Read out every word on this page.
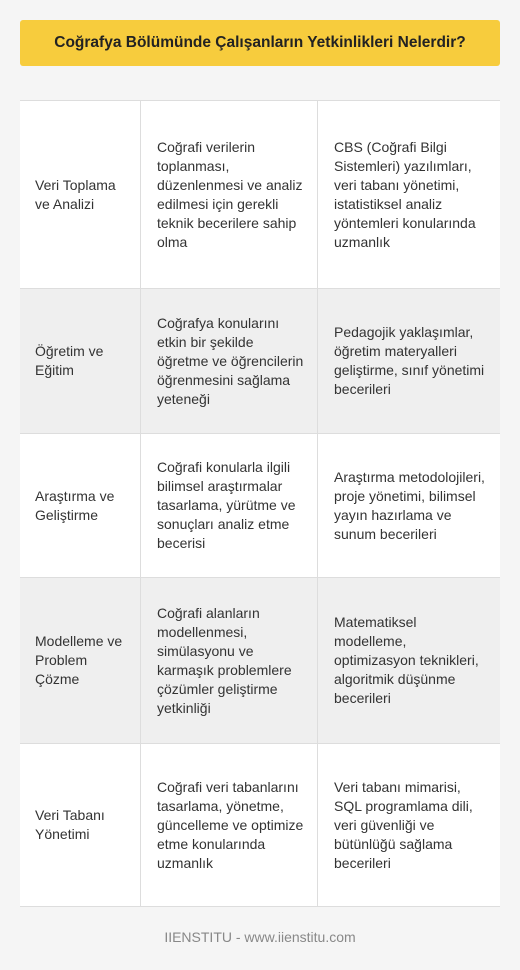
Coğrafya Bölümünde Çalışanların Yetkinlikleri Nelerdir?
Veri Toplama ve Analizi
Coğrafi verilerin toplanması, düzenlenmesi ve analiz edilmesi için gerekli teknik becerilere sahip olma
CBS (Coğrafi Bilgi Sistemleri) yazılımları, veri tabanı yönetimi, istatistiksel analiz yöntemleri konularında uzmanlık
Öğretim ve Eğitim
Coğrafya konularını etkin bir şekilde öğretme ve öğrencilerin öğrenmesini sağlama yeteneği
Pedagojik yaklaşımlar, öğretim materyalleri geliştirme, sınıf yönetimi becerileri
Araştırma ve Geliştirme
Coğrafi konularla ilgili bilimsel araştırmalar tasarlama, yürütme ve sonuçları analiz etme becerisi
Araştırma metodolojileri, proje yönetimi, bilimsel yayın hazırlama ve sunum becerileri
Modelleme ve Problem Çözme
Coğrafi alanların modellenmesi, simülasyonu ve karmaşık problemlere çözümler geliştirme yetkinliği
Matematiksel modelleme, optimizasyon teknikleri, algoritmik düşünme becerileri
Veri Tabanı Yönetimi
Coğrafi veri tabanlarını tasarlama, yönetme, güncelleme ve optimize etme konularında uzmanlık
Veri tabanı mimarisi, SQL programlama dili, veri güvenliği ve bütünlüğü sağlama becerileri
IIENSTITU - www.iienstitu.com
